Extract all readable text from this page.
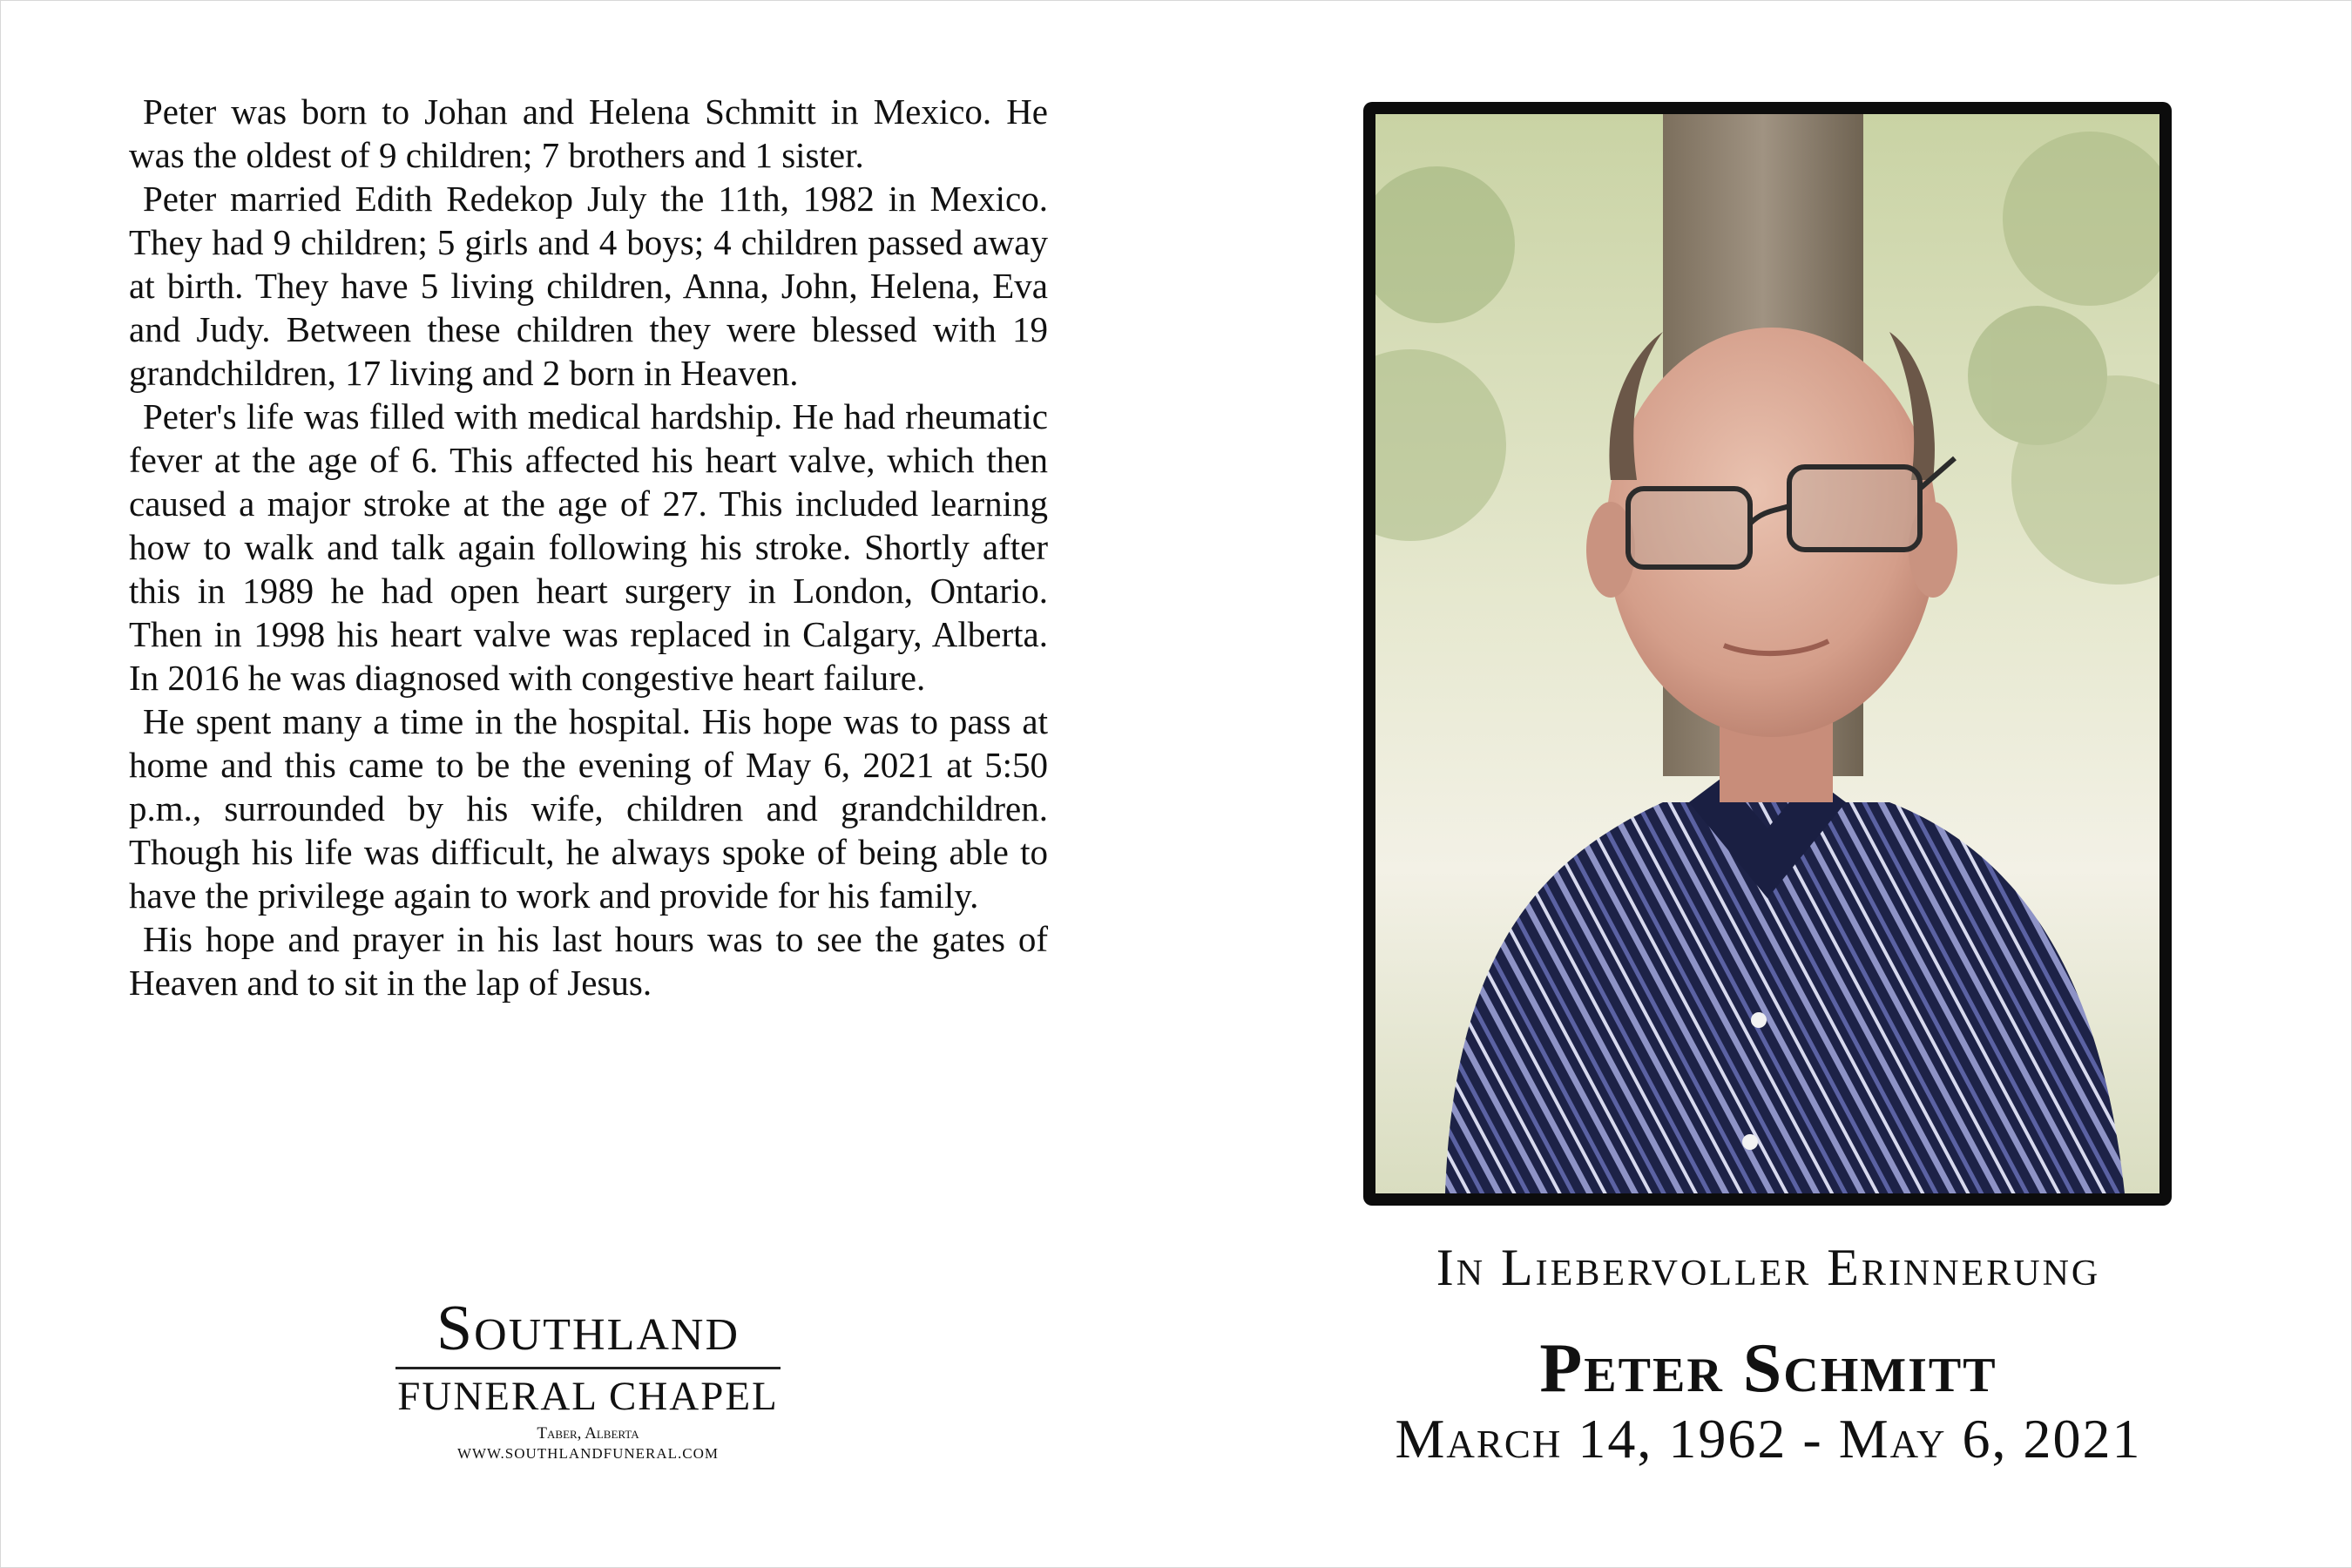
Peter was born to Johan and Helena Schmitt in Mexico. He was the oldest of 9 children; 7 brothers and 1 sister.

Peter married Edith Redekop July the 11th, 1982 in Mexico. They had 9 children; 5 girls and 4 boys; 4 children passed away at birth. They have 5 living children, Anna, John, Helena, Eva and Judy. Between these children they were blessed with 19 grandchildren, 17 living and 2 born in Heaven.

Peter's life was filled with medical hardship. He had rheumatic fever at the age of 6. This affected his heart valve, which then caused a major stroke at the age of 27. This included learning how to walk and talk again following his stroke. Shortly after this in 1989 he had open heart surgery in London, Ontario. Then in 1998 his heart valve was replaced in Calgary, Alberta. In 2016 he was diagnosed with congestive heart failure.

He spent many a time in the hospital. His hope was to pass at home and this came to be the evening of May 6, 2021 at 5:50 p.m., surrounded by his wife, children and grandchildren. Though his life was difficult, he always spoke of being able to have the privilege again to work and provide for his family.

His hope and prayer in his last hours was to see the gates of Heaven and to sit in the lap of Jesus.

Southland
FUNERAL CHAPEL
Taber, Alberta
WWW.SOUTHLANDFUNERAL.COM
In Liebervoller Erinnerung
Peter Schmitt
March 14, 1962 - May 6, 2021
